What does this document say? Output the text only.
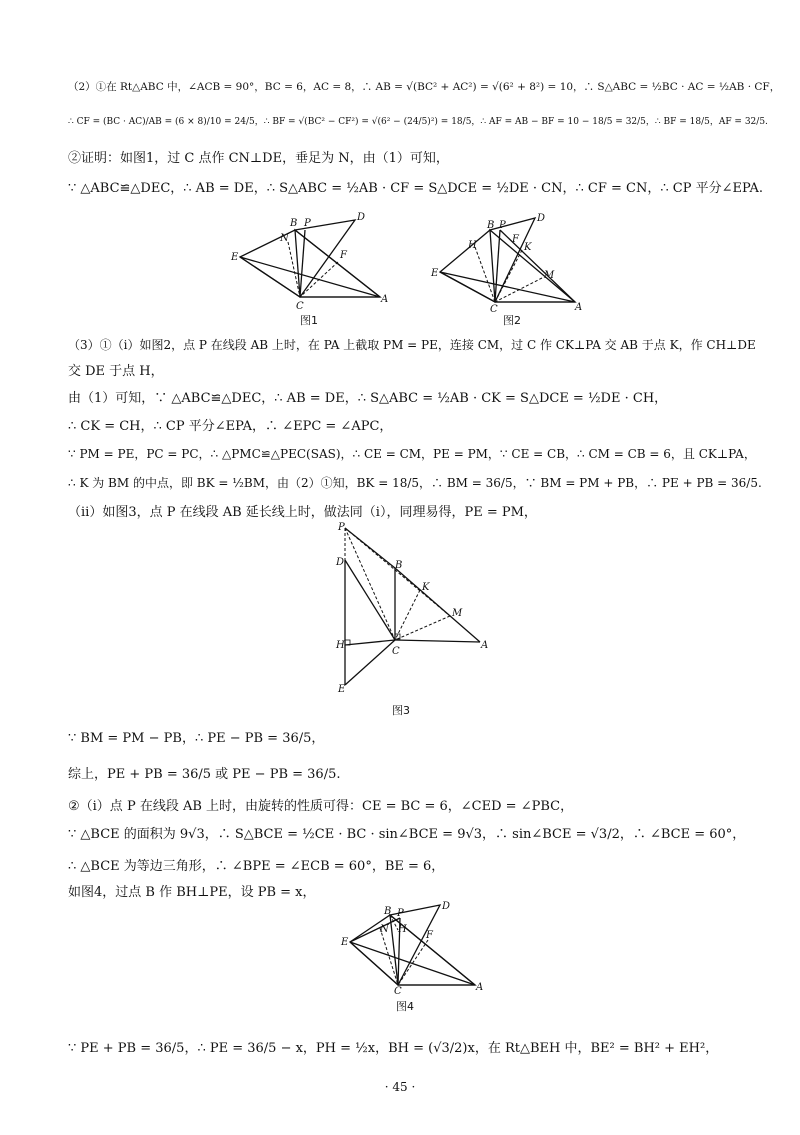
（2）①在 Rt△ABC 中，∠ACB = 90°，BC = 6，AC = 8，∴ AB = √(BC² + AC²) = √(6² + 8²) = 10，∴ S△ABC = ½BC · AC = ½AB · CF，
∴ CF = (BC · AC)/AB = (6 × 8)/10 = 24/5，∴ BF = √(BC² − CF²) = √(6² − (24/5)²) = 18/5，∴ AF = AB − BF = 10 − 18/5 = 32/5，∴ BF = 18/5，AF = 32/5.
②证明：如图1，过 C 点作 CN⊥DE，垂足为 N，由（1）可知，
∵ △ABC≌△DEC，∴ AB = DE，∴ S△ABC = ½AB · CF = S△DCE = ½DE · CN，∴ CF = CN，∴ CP 平分∠EPA.
B P
D
N
E	F
C
A
图1
B P
D
H
F
K
E	M
C	A
图2
（3）①（ⅰ）如图2，点 P 在线段 AB 上时，在 PA 上截取 PM = PE，连接 CM，过 C 作 CK⊥PA 交 AB 于点 K，作 CH⊥DE
交 DE 于点 H，
由（1）可知，∵ △ABC≌△DEC，∴ AB = DE，∴ S△ABC = ½AB · CK = S△DCE = ½DE · CH，
∴ CK = CH，∴ CP 平分∠EPA，∴ ∠EPC = ∠APC，
∵ PM = PE，PC = PC，∴ △PMC≌△PEC(SAS)，∴ CE = CM，PE = PM，∵ CE = CB，∴ CM = CB = 6，且 CK⊥PA，
∴ K 为 BM 的中点，即 BK = ½BM，由（2）①知，BK = 18/5，∴ BM = 36/5，∵ BM = PM + PB，∴ PE + PB = 36/5.
（ⅱ）如图3，点 P 在线段 AB 延长线上时，做法同（ⅰ），同理易得，PE = PM，
P
D	B
K
M
H
C
A
E
图3
∵ BM = PM − PB，∴ PE − PB = 36/5，
综上，PE + PB = 36/5 或 PE − PB = 36/5.
②（ⅰ）点 P 在线段 AB 上时，由旋转的性质可得：CE = BC = 6，∠CED = ∠PBC，
∵ △BCE 的面积为 9√3，∴ S△BCE = ½CE · BC · sin∠BCE = 9√3，∴ sin∠BCE = √3/2，∴ ∠BCE = 60°，
∴ △BCE 为等边三角形，∴ ∠BPE = ∠ECB = 60°，BE = 6，
如图4，过点 B 作 BH⊥PE，设 PB = x，
B P
D
N H
E
F
C	A
图4
∵ PE + PB = 36/5，∴ PE = 36/5 − x，PH = ½x，BH = (√3/2)x，在 Rt△BEH 中，BE² = BH² + EH²，
· 45 ·
